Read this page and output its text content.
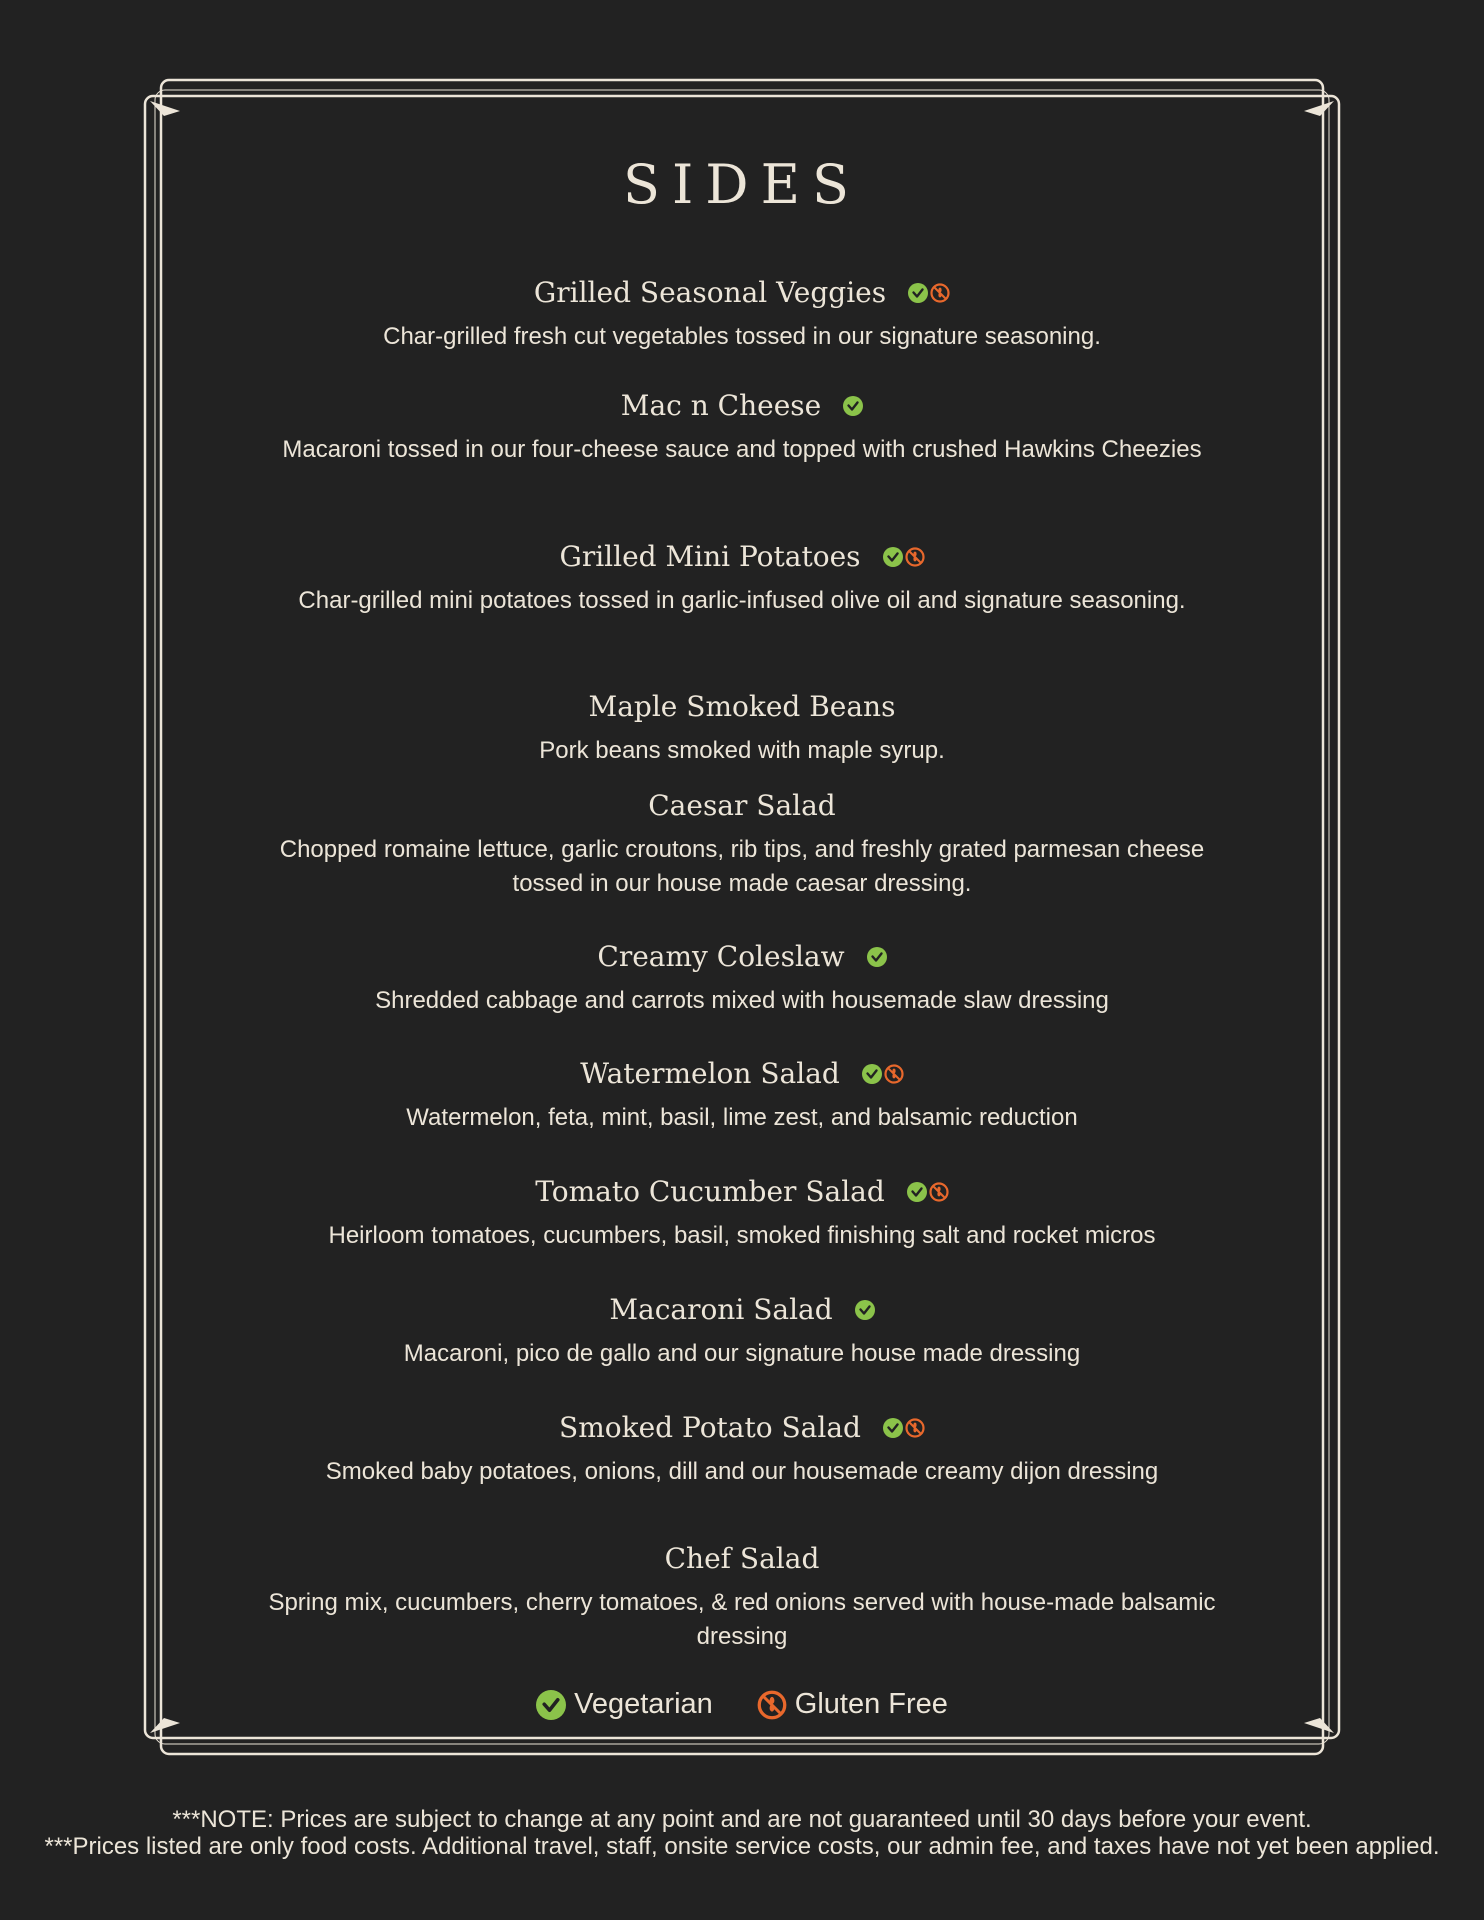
SIDES
Grilled Seasonal Veggies
Char-grilled fresh cut vegetables tossed in our signature seasoning.
Mac n Cheese
Macaroni tossed in our four-cheese sauce and topped with crushed Hawkins Cheezies
Grilled Mini Potatoes
Char-grilled mini potatoes tossed in garlic-infused olive oil and signature seasoning.
Maple Smoked Beans
Pork beans smoked with maple syrup.
Caesar Salad
Chopped romaine lettuce, garlic croutons, rib tips, and freshly grated parmesan cheese tossed in our house made caesar dressing.
Creamy Coleslaw
Shredded cabbage and carrots mixed with housemade slaw dressing
Watermelon Salad
Watermelon, feta, mint, basil, lime zest, and balsamic reduction
Tomato Cucumber Salad
Heirloom tomatoes, cucumbers, basil, smoked finishing salt and rocket micros
Macaroni Salad
Macaroni, pico de gallo and our signature house made dressing
Smoked Potato Salad
Smoked baby potatoes, onions, dill and our housemade creamy dijon dressing
Chef Salad
Spring mix, cucumbers, cherry tomatoes, & red onions served with house-made balsamic dressing
Vegetarian	Gluten Free
***NOTE: Prices are subject to change at any point and are not guaranteed until 30 days before your event.
***Prices listed are only food costs. Additional travel, staff, onsite service costs, our admin fee, and taxes have not yet been applied.
